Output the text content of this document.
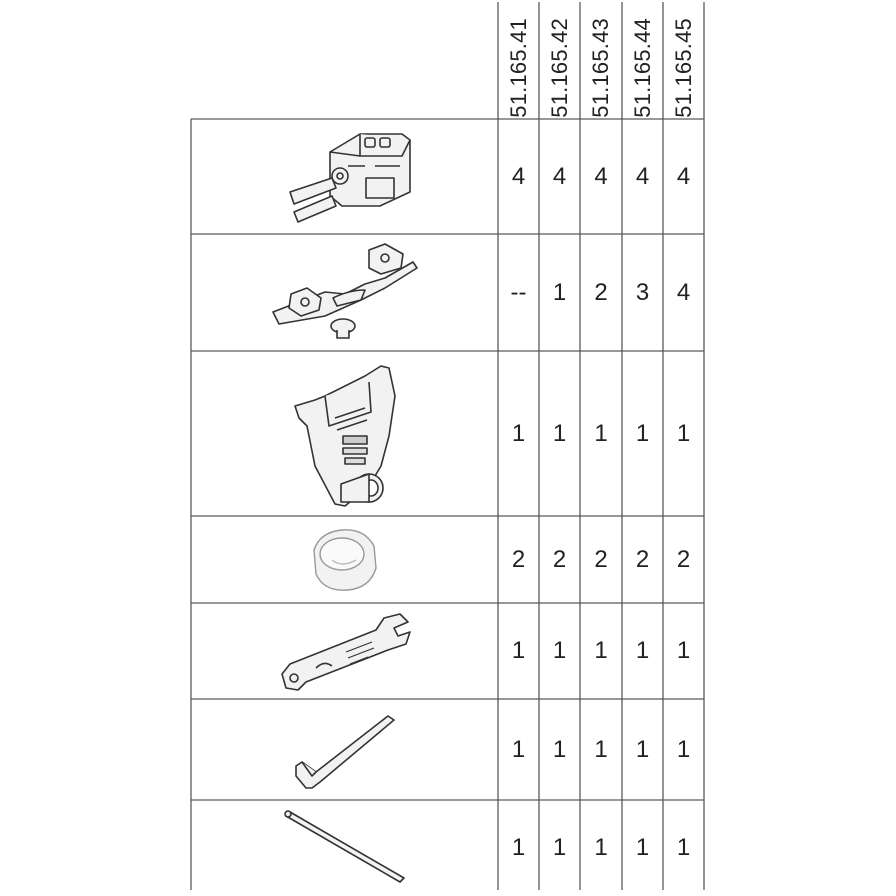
51.165.41 51.165.42 51.165.43 51.165.44 51.165.45
4	4	4	4	4
--	1	2	3	4
1	1	1	1	1
2	2	2	2	2
1	1	1	1	1
1	1	1	1	1
1	1	1	1	1
